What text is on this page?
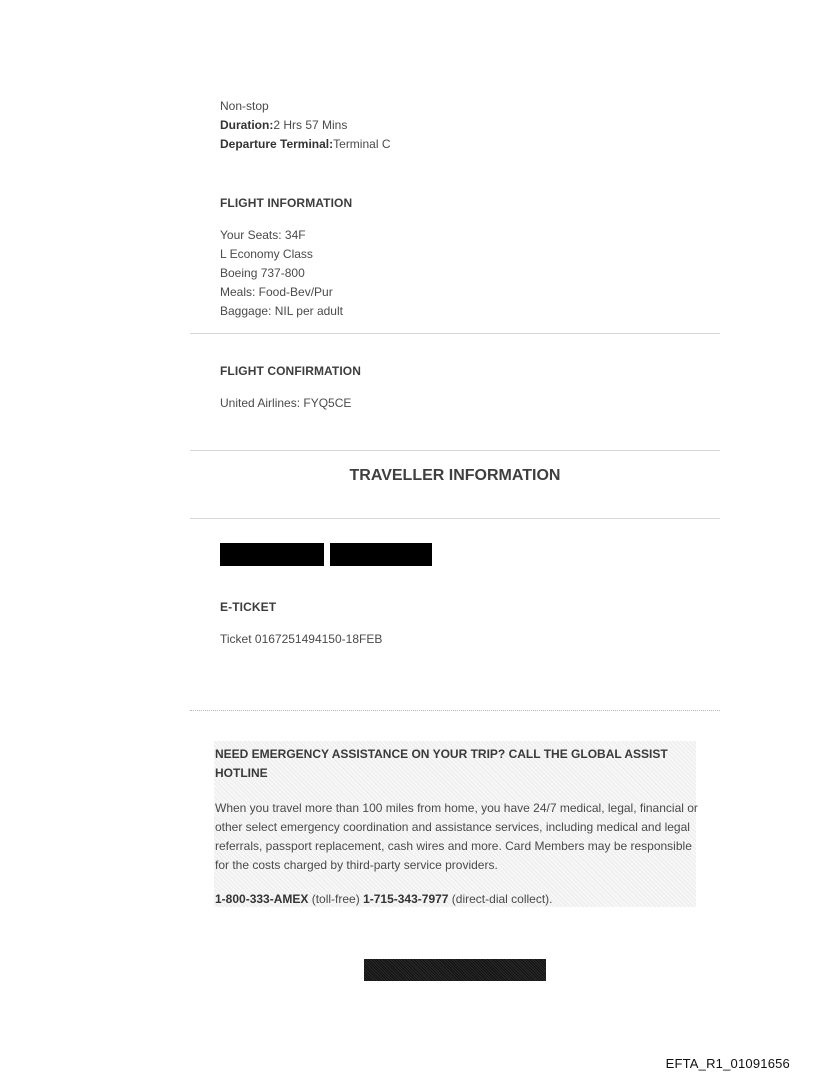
Non-stop
Duration:2 Hrs 57 Mins
Departure Terminal:Terminal C
FLIGHT INFORMATION
Your Seats: 34F
L Economy Class
Boeing 737-800
Meals: Food-Bev/Pur
Baggage: NIL per adult
FLIGHT CONFIRMATION
United Airlines: FYQ5CE
TRAVELLER INFORMATION
E-TICKET
Ticket 0167251494150-18FEB
NEED EMERGENCY ASSISTANCE ON YOUR TRIP? CALL THE GLOBAL ASSIST HOTLINE
When you travel more than 100 miles from home, you have 24/7 medical, legal, financial or other select emergency coordination and assistance services, including medical and legal referrals, passport replacement, cash wires and more. Card Members may be responsible for the costs charged by third-party service providers.
1-800-333-AMEX (toll-free) 1-715-343-7977 (direct-dial collect).
EFTA_R1_01091656
